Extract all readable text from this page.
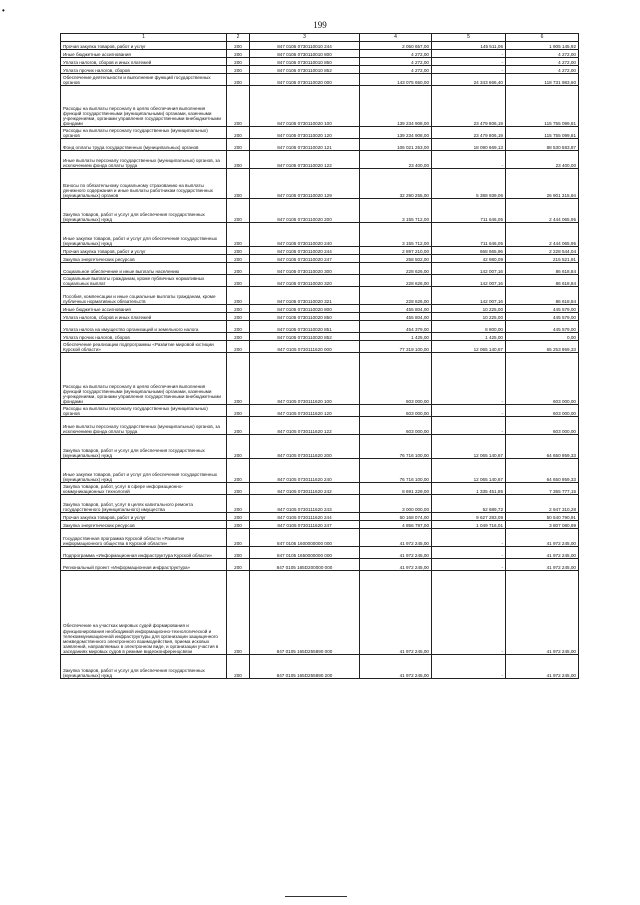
•
199
1	2	3	4	5	6
Прочая закупка товаров, работ и услуг	200	847 0105 0730110010 244	2 050 657,00	145 511,06	1 905 145,92
Иные бюджетные ассигнования	200	847 0105 0730110010 800	4 272,00	-	4 272,00
Уплата налогов, сборов и иных платежей	200	847 0105 0730110010 850	4 272,00	-	4 272,00
Уплата прочих налогов, сборов	200	847 0105 0730110010 852	4 272,00	-	4 272,00
Обеспечение деятельности и выполнение функций государственных органов	200	847 0105 0730110020 000	143 075 650,00	24 343 666,40	118 731 983,60
Расходы на выплаты персоналу в целях обеспечения выполнения функций государственными (муниципальными) органами, казенными учреждениями, органами управления государственными внебюджетными фондами	200	847 0105 0730110020 100	139 234 908,00	23 479 806,19	115 755 099,81
Расходы на выплаты персоналу государственных (муниципальных) органов	200	847 0105 0730110020 120	139 234 908,00	23 479 806,19	115 755 099,81
Фонд оплаты труда государственных (муниципальных) органов	200	847 0105 0730110020 121	106 021 253,00	18 090 669,13	88 530 583,87
Иные выплаты персоналу государственных (муниципальных) органов, за исключением фонда оплаты труда	200	847 0105 0730110020 122	23 400,00	-	23 400,00
Взносы по обязательному социальному страхованию на выплаты денежного содержания и иные выплаты работникам государственных (муниципальных) органов	200	847 0105 0730110020 129	32 290 255,00	5 388 939,06	26 901 315,94
Закупка товаров, работ и услуг для обеспечения государственных (муниципальных) нужд	200	847 0105 0730110020 200	3 155 712,00	711 646,05	2 444 065,95
Иные закупки товаров, работ и услуг для обеспечения государственных (муниципальных) нужд	200	847 0105 0730110020 240	3 155 712,00	711 646,05	2 444 065,95
Прочая закупка товаров, работ и услуг	200	847 0105 0730110020 244	2 897 210,00	668 665,96	2 228 544,04
Закупка энергетических ресурсов	200	847 0105 0730110020 247	258 502,00	42 980,09	215 521,91
Социальное обеспечение и иные выплаты населению	200	847 0105 0730110020 300	228 626,00	142 007,16	86 618,84
Социальные выплаты гражданам, кроме публичных нормативных социальных выплат	200	847 0105 0730110020 320	228 626,00	142 007,16	86 618,84
Пособия, компенсации и иные социальные выплаты гражданам, кроме публичных нормативных обязательств	200	847 0105 0730110020 321	228 626,00	142 007,16	86 618,84
Иные бюджетные ассигнования	200	847 0105 0730110020 800	455 804,00	10 225,00	445 579,00
Уплата налогов, сборов и иных платежей	200	847 0105 0730110020 850	455 804,00	10 225,00	445 579,00
Уплата налога на имущество организаций и земельного налога	200	847 0105 0730110020 851	454 379,00	8 800,00	445 579,00
Уплата прочих налогов, сборов	200	847 0105 0730110020 852	1 425,00	1 425,00	0,00
Обеспечение реализации подпрограммы «Развитие мировой юстиции Курской области»	200	847 0105 0730111620 000	77 319 100,00	12 065 140,67	65 253 959,33
Расходы на выплаты персоналу в целях обеспечения выполнения функций государственными (муниципальными) органами, казенными учреждениями, органами управления государственными внебюджетными фондами	200	847 0105 0730111620 100	603 000,00	-	603 000,00
Расходы на выплаты персоналу государственных (муниципальных) органов	200	847 0105 0730111620 120	603 000,00	-	603 000,00
Иные выплаты персоналу государственных (муниципальных) органов, за исключением фонда оплаты труда	200	847 0105 0730111620 122	603 000,00	-	603 000,00
Закупка товаров, работ и услуг для обеспечения государственных (муниципальных) нужд	200	847 0105 0730111620 200	76 716 100,00	12 065 140,67	64 650 959,33
Иные закупки товаров, работ и услуг для обеспечения государственных (муниципальных) нужд	200	847 0105 0730111620 240	76 716 100,00	12 065 140,67	64 650 959,33
Закупка товаров, работ, услуг в сфере информационно-коммуникационных технологий	200	847 0105 0730111620 242	8 691 229,00	1 335 451,85	7 355 777,15
Закупка товаров, работ, услуг в целях капитального ремонта государственного (муниципального) имущества	200	847 0105 0730111620 243	3 000 000,00	52 689,72	2 947 310,28
Прочая закупка товаров, работ и услуг	200	847 0105 0730111620 244	60 168 074,00	9 627 283,09	50 540 790,91
Закупка энергетических ресурсов	200	847 0105 0730111620 247	4 856 797,00	1 049 716,01	3 807 080,99
Государственная программа Курской области «Развитие информационного общества в Курской области»	200	847 0105 1600000000 000	41 972 245,00	-	41 972 245,00
Подпрограмма «Информационная инфраструктура Курской области»	200	847 0105 1650000000 000	41 972 245,00	-	41 972 245,00
Региональный проект «Информационная инфраструктура»	200	847 0105 165D200000 000	41 972 245,00	-	41 972 245,00
Обеспечение на участках мировых судей формирования и функционирования необходимой информационно-технологической и телекоммуникационной инфраструктуры для организации защищенного межведомственного электронного взаимодействия, приема исковых заявлений, направляемых в электронном виде, и организации участия в заседаниях мировых судов в режиме видеоконференцсвязи	200	847 0105 165D255890 000	41 972 245,00	-	41 972 245,00
Закупка товаров, работ и услуг для обеспечения государственных (муниципальных) нужд	200	847 0105 165D255890 200	41 972 245,00	-	41 972 245,00
